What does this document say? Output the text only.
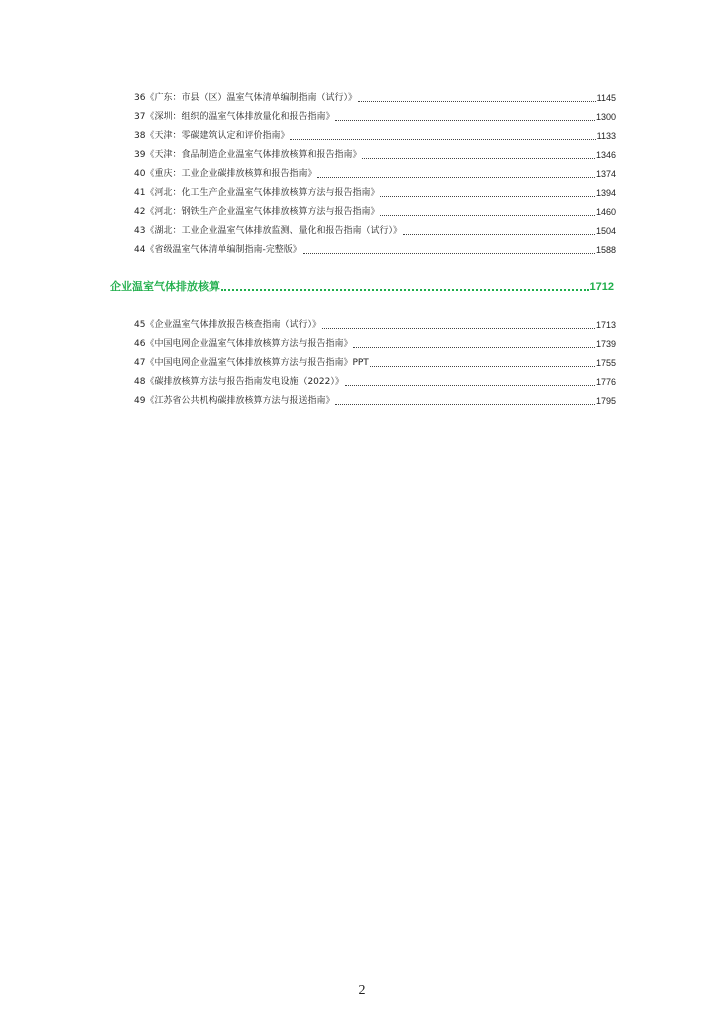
36《广东：市县（区）温室气体清单编制指南（试行）》	1145
37《深圳：组织的温室气体排放量化和报告指南》	1300
38《天津：零碳建筑认定和评价指南》	1133
39《天津：食品制造企业温室气体排放核算和报告指南》	1346
40《重庆：工业企业碳排放核算和报告指南》	1374
41《河北：化工生产企业温室气体排放核算方法与报告指南》	1394
42《河北：钢铁生产企业温室气体排放核算方法与报告指南》	1460
43《湖北：工业企业温室气体排放监测、量化和报告指南（试行）》	1504
44《省级温室气体清单编制指南-完整版》	1588
企业温室气体排放核算	1712
45《企业温室气体排放报告核查指南（试行）》	1713
46《中国电网企业温室气体排放核算方法与报告指南》	1739
47《中国电网企业温室气体排放核算方法与报告指南》PPT	1755
48《碳排放核算方法与报告指南发电设施（2022）》	1776
49《江苏省公共机构碳排放核算方法与报送指南》	1795
2
